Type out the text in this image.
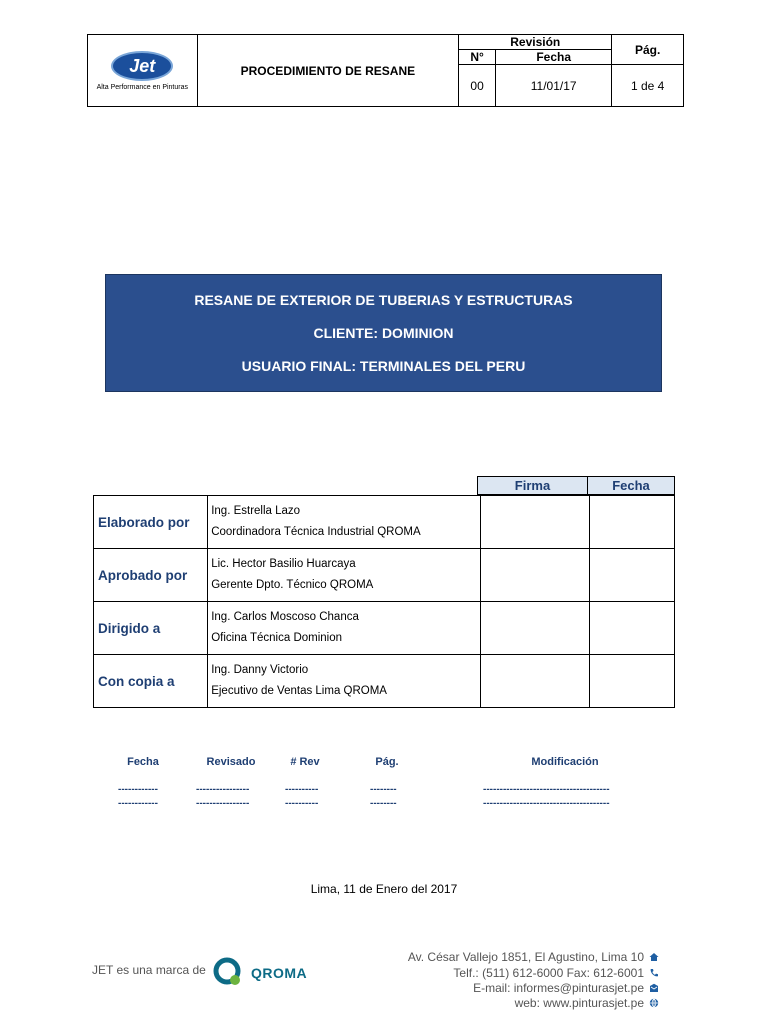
Jet
Alta Performance en Pinturas	PROCEDIMIENTO DE RESANE	Revisión		Pág.
		N°	Fecha	
		00	11/01/17	1 de 4
RESANE DE EXTERIOR DE TUBERIAS Y ESTRUCTURAS
CLIENTE: DOMINION
USUARIO FINAL: TERMINALES DEL PERU
Firma	Fecha
Elaborado por	Ing. Estrella Lazo
Coordinadora Técnica Industrial QROMA		

Aprobado por	Lic. Hector Basilio Huarcaya
Gerente Dpto. Técnico QROMA		

Dirigido a	Ing. Carlos Moscoso Chanca
Oficina Técnica Dominion		

Con copia a	Ing. Danny Victorio
Ejecutivo de Ventas Lima QROMA		

Fecha	Revisado	# Rev	Pág.	Modificación
------------	----------------	----------	--------	--------------------------------------
------------	----------------	----------	--------	--------------------------------------
Lima, 11 de Enero del 2017
JET es una marca de	QROMA
Av. César Vallejo 1851, El Agustino, Lima 10
Telf.: (511) 612-6000 Fax: 612-6001
E-mail: informes@pinturasjet.pe
web: www.pinturasjet.pe
